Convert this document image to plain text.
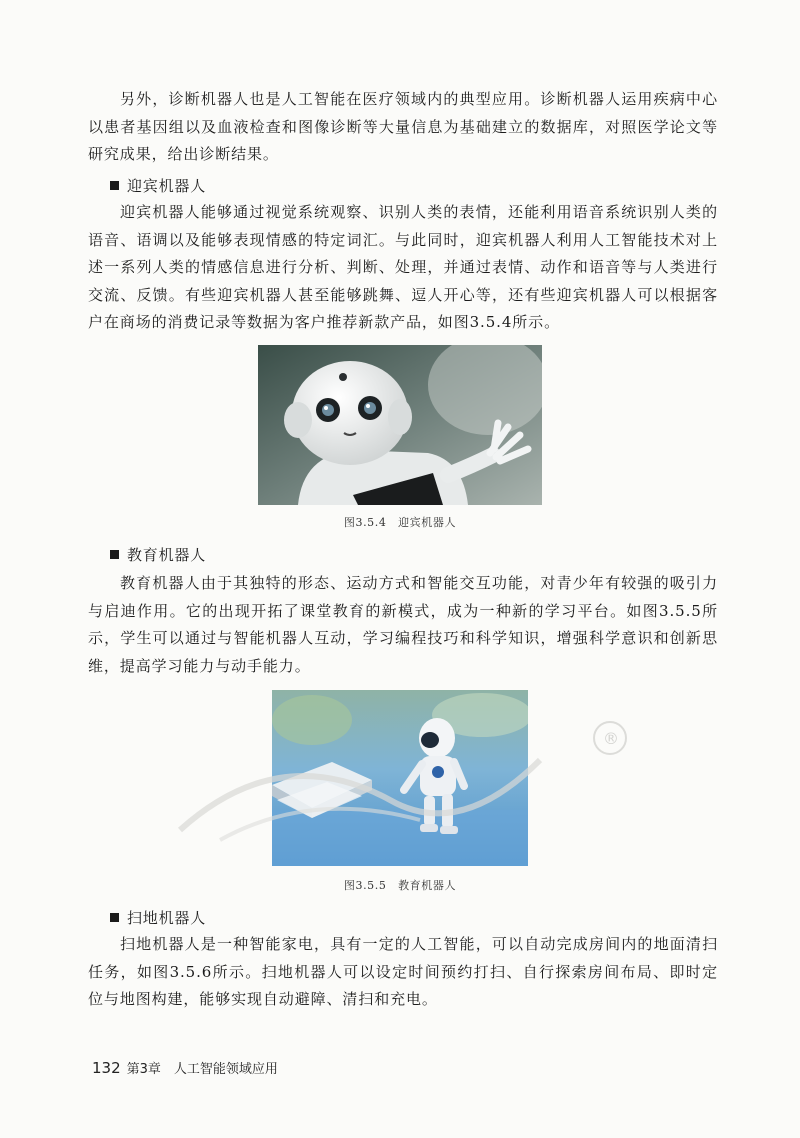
另外，诊断机器人也是人工智能在医疗领域内的典型应用。诊断机器人运用疾病中心以患者基因组以及血液检查和图像诊断等大量信息为基础建立的数据库，对照医学论文等研究成果，给出诊断结果。

迎宾机器人

迎宾机器人能够通过视觉系统观察、识别人类的表情，还能利用语音系统识别人类的语音、语调以及能够表现情感的特定词汇。与此同时，迎宾机器人利用人工智能技术对上述一系列人类的情感信息进行分析、判断、处理，并通过表情、动作和语音等与人类进行交流、反馈。有些迎宾机器人甚至能够跳舞、逗人开心等，还有些迎宾机器人可以根据客户在商场的消费记录等数据为客户推荐新款产品，如图3.5.4所示。

图3.5.4　迎宾机器人
教育机器人

教育机器人由于其独特的形态、运动方式和智能交互功能，对青少年有较强的吸引力与启迪作用。它的出现开拓了课堂教育的新模式，成为一种新的学习平台。如图3.5.5所示，学生可以通过与智能机器人互动，学习编程技巧和科学知识，增强科学意识和创新思维，提高学习能力与动手能力。

图3.5.5　教育机器人
扫地机器人

扫地机器人是一种智能家电，具有一定的人工智能，可以自动完成房间内的地面清扫任务，如图3.5.6所示。扫地机器人可以设定时间预约打扫、自行探索房间布局、即时定位与地图构建，能够实现自动避障、清扫和充电。

®
132 第3章　人工智能领域应用
